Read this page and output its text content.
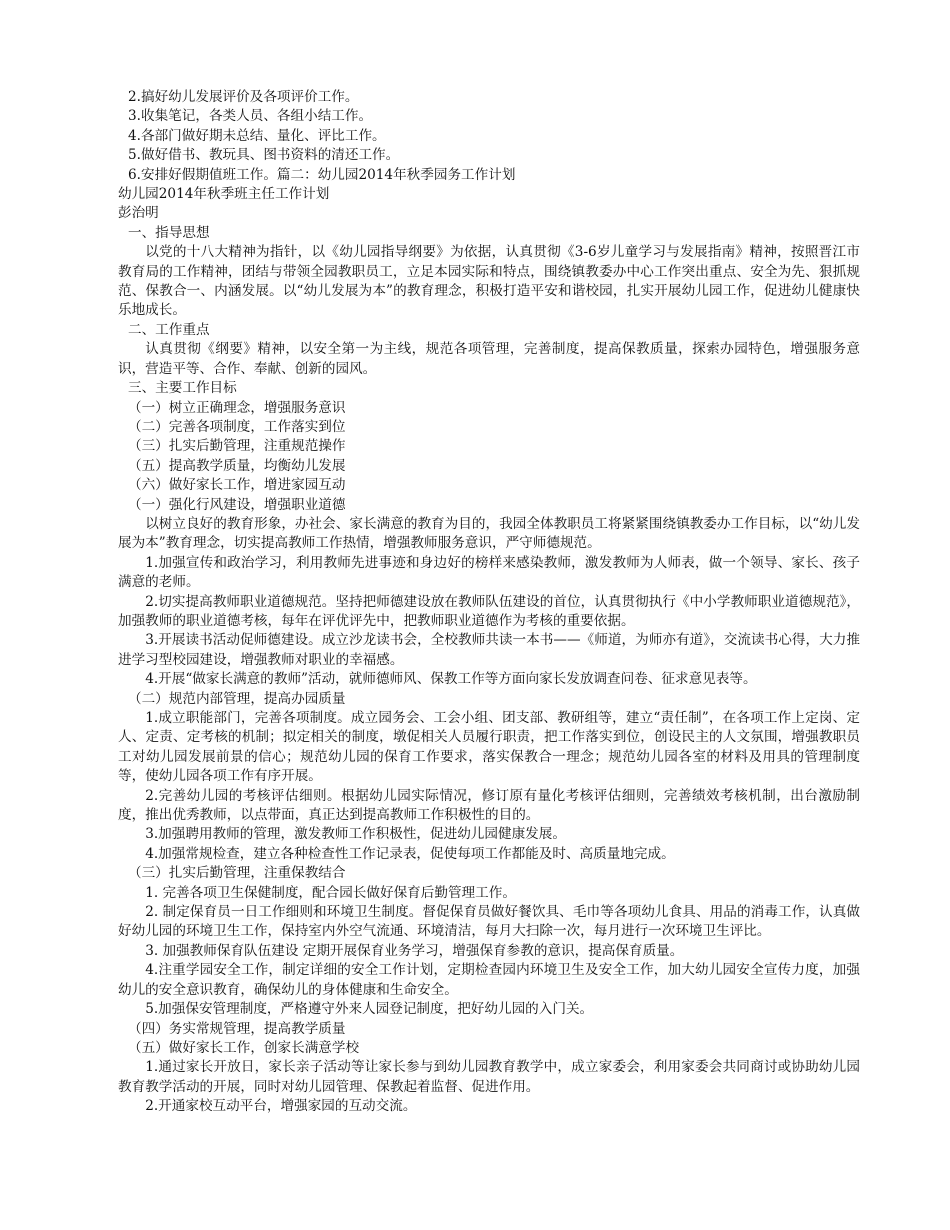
2.搞好幼儿发展评价及各项评价工作。
3.收集笔记，各类人员、各组小结工作。
4.各部门做好期未总结、量化、评比工作。
5.做好借书、教玩具、图书资料的清还工作。
6.安排好假期值班工作。篇二：幼儿园2014年秋季园务工作计划
幼儿园2014年秋季班主任工作计划
彭治明
一、指导思想
以党的十八大精神为指针，以《幼儿园指导纲要》为依据，认真贯彻《3-6岁儿童学习与发展指南》精神，按照晋江市教育局的工作精神，团结与带领全园教职员工，立足本园实际和特点，围绕镇教委办中心工作突出重点、安全为先、狠抓规范、保教合一、内涵发展。以“幼儿发展为本”的教育理念，积极打造平安和谐校园，扎实开展幼儿园工作，促进幼儿健康快乐地成长。
二、工作重点
认真贯彻《纲要》精神，以安全第一为主线，规范各项管理，完善制度，提高保教质量，探索办园特色，增强服务意识，营造平等、合作、奉献、创新的园风。
三、主要工作目标
（一）树立正确理念，增强服务意识
（二）完善各项制度，工作落实到位
（三）扎实后勤管理，注重规范操作
（五）提高教学质量，均衡幼儿发展
（六）做好家长工作，增进家园互动
（一）强化行风建设，增强职业道德
以树立良好的教育形象，办社会、家长满意的教育为目的，我园全体教职员工将紧紧围绕镇教委办工作目标，以“幼儿发展为本”教育理念，切实提高教师工作热情，增强教师服务意识，严守师德规范。
1.加强宣传和政治学习，利用教师先进事迹和身边好的榜样来感染教师，激发教师为人师表，做一个领导、家长、孩子满意的老师。
2.切实提高教师职业道德规范。坚持把师德建设放在教师队伍建设的首位，认真贯彻执行《中小学教师职业道德规范》，加强教师的职业道德考核，每年在评优评先中，把教师职业道德作为考核的重要依据。
3.开展读书活动促师德建设。成立沙龙读书会，全校教师共读一本书——《师道，为师亦有道》，交流读书心得，大力推进学习型校园建设，增强教师对职业的幸福感。
4.开展“做家长满意的教师”活动，就师德师风、保教工作等方面向家长发放调查问卷、征求意见表等。
（二）规范内部管理，提高办园质量
1.成立职能部门，完善各项制度。成立园务会、工会小组、团支部、教研组等，建立“责任制”，在各项工作上定岗、定人、定责、定考核的机制；拟定相关的制度，墩促相关人员履行职责，把工作落实到位，创设民主的人文氛围，增强教职员工对幼儿园发展前景的信心；规范幼儿园的保育工作要求，落实保教合一理念；规范幼儿园各室的材料及用具的管理制度等，使幼儿园各项工作有序开展。
2.完善幼儿园的考核评估细则。根据幼儿园实际情况，修订原有量化考核评估细则，完善绩效考核机制，出台激励制度，推出优秀教师，以点带面，真正达到提高教师工作积极性的目的。
3.加强聘用教师的管理，激发教师工作积极性，促进幼儿园健康发展。
4.加强常规检查，建立各种检查性工作记录表，促使每项工作都能及时、高质量地完成。
（三）扎实后勤管理，注重保教结合
1. 完善各项卫生保健制度，配合园长做好保育后勤管理工作。
2. 制定保育员一日工作细则和环境卫生制度。督促保育员做好餐饮具、毛巾等各项幼儿食具、用品的消毒工作，认真做好幼儿园的环境卫生工作，保持室内外空气流通、环境清洁，每月大扫除一次，每月进行一次环境卫生评比。
3. 加强教师保育队伍建设 定期开展保育业务学习，增强保育参教的意识，提高保育质量。
4.注重学园安全工作，制定详细的安全工作计划，定期检查园内环境卫生及安全工作，加大幼儿园安全宣传力度，加强幼儿的安全意识教育，确保幼儿的身体健康和生命安全。
5.加强保安管理制度，严格遵守外来人园登记制度，把好幼儿园的入门关。
（四）务实常规管理，提高教学质量
（五）做好家长工作，创家长满意学校
1.通过家长开放日，家长亲子活动等让家长参与到幼儿园教育教学中，成立家委会，利用家委会共同商讨或协助幼儿园教育教学活动的开展，同时对幼儿园管理、保教起着监督、促进作用。
2.开通家校互动平台，增强家园的互动交流。
